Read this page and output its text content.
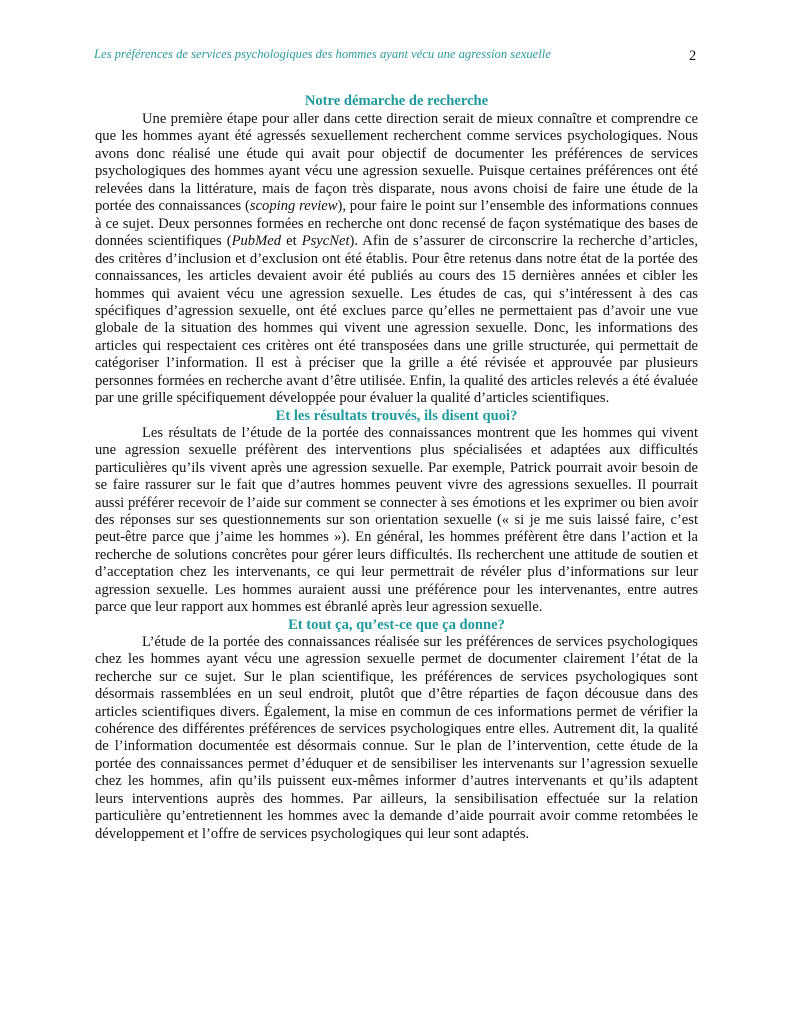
Les préférences de services psychologiques des hommes ayant vécu une agression sexuelle	2
Notre démarche de recherche

Une première étape pour aller dans cette direction serait de mieux connaître et comprendre ce que les hommes ayant été agressés sexuellement recherchent comme services psychologiques. Nous avons donc réalisé une étude qui avait pour objectif de documenter les préférences de services psychologiques des hommes ayant vécu une agression sexuelle. Puisque certaines préférences ont été relevées dans la littérature, mais de façon très disparate, nous avons choisi de faire une étude de la portée des connaissances (scoping review), pour faire le point sur l’ensemble des informations connues à ce sujet. Deux personnes formées en recherche ont donc recensé de façon systématique des bases de données scientifiques (PubMed et PsycNet). Afin de s’assurer de circonscrire la recherche d’articles, des critères d’inclusion et d’exclusion ont été établis. Pour être retenus dans notre état de la portée des connaissances, les articles devaient avoir été publiés au cours des 15 dernières années et cibler les hommes qui avaient vécu une agression sexuelle. Les études de cas, qui s’intéressent à des cas spécifiques d’agression sexuelle, ont été exclues parce qu’elles ne permettaient pas d’avoir une vue globale de la situation des hommes qui vivent une agression sexuelle. Donc, les informations des articles qui respectaient ces critères ont été transposées dans une grille structurée, qui permettait de catégoriser l’information. Il est à préciser que la grille a été révisée et approuvée par plusieurs personnes formées en recherche avant d’être utilisée. Enfin, la qualité des articles relevés a été évaluée par une grille spécifiquement développée pour évaluer la qualité d’articles scientifiques.

Et les résultats trouvés, ils disent quoi?

Les résultats de l’étude de la portée des connaissances montrent que les hommes qui vivent une agression sexuelle préfèrent des interventions plus spécialisées et adaptées aux difficultés particulières qu’ils vivent après une agression sexuelle. Par exemple, Patrick pourrait avoir besoin de se faire rassurer sur le fait que d’autres hommes peuvent vivre des agressions sexuelles. Il pourrait aussi préférer recevoir de l’aide sur comment se connecter à ses émotions et les exprimer ou bien avoir des réponses sur ses questionnements sur son orientation sexuelle (« si je me suis laissé faire, c’est peut-être parce que j’aime les hommes »). En général, les hommes préfèrent être dans l’action et la recherche de solutions concrètes pour gérer leurs difficultés. Ils recherchent une attitude de soutien et d’acceptation chez les intervenants, ce qui leur permettrait de révéler plus d’informations sur leur agression sexuelle. Les hommes auraient aussi une préférence pour les intervenantes, entre autres parce que leur rapport aux hommes est ébranlé après leur agression sexuelle.

Et tout ça, qu’est-ce que ça donne?

L’étude de la portée des connaissances réalisée sur les préférences de services psychologiques chez les hommes ayant vécu une agression sexuelle permet de documenter clairement l’état de la recherche sur ce sujet. Sur le plan scientifique, les préférences de services psychologiques sont désormais rassemblées en un seul endroit, plutôt que d’être réparties de façon décousue dans des articles scientifiques divers. Également, la mise en commun de ces informations permet de vérifier la cohérence des différentes préférences de services psychologiques entre elles. Autrement dit, la qualité de l’information documentée est désormais connue. Sur le plan de l’intervention, cette étude de la portée des connaissances permet d’éduquer et de sensibiliser les intervenants sur l’agression sexuelle chez les hommes, afin qu’ils puissent eux-mêmes informer d’autres intervenants et qu’ils adaptent leurs interventions auprès des hommes. Par ailleurs, la sensibilisation effectuée sur la relation particulière qu’entretiennent les hommes avec la demande d’aide pourrait avoir comme retombées le développement et l’offre de services psychologiques qui leur sont adaptés.
